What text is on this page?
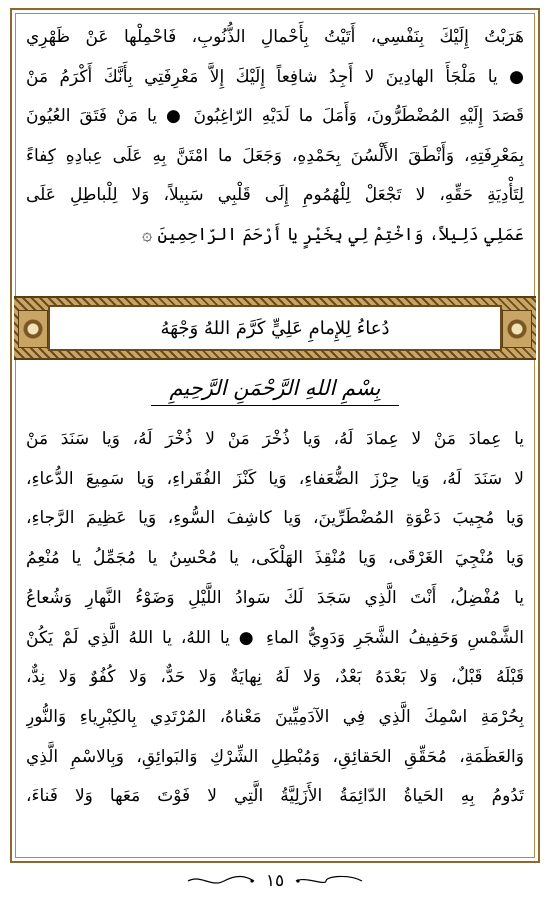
هَرَبْتُ إِلَيْكَ بِنَفْسِي، أَتَيْتُ بِأَحْمالِ الذُّنُوبِ، فَاحْمِلْها عَنْ ظَهْرِي
● يا مَلْجَأَ الهادِينَ لا أَجِدُ شافِعاً إِلَيْكَ إِلاَّ مَعْرِفَتِي بِأَنَّكَ أَكْرَمُ مَنْ
قَصَدَ إِلَيْهِ المُضْطَرُّونَ، وَأَمَلَ ما لَدَيْهِ الرّاغِبُونَ ● يا مَنْ فَتَقَ العُيُونَ
بِمَعْرِفَتِهِ، وَأَنْطَقَ الأَلْسُنَ بِحَمْدِهِ، وَجَعَلَ ما امْتَنَّ بِهِ عَلَى عِبادِهِ كِفاءً
لِتَأْدِيَةِ حَقِّهِ، لا تَجْعَلْ لِلْهُمُومِ إِلَى قَلْبِي سَبِيلاً، وَلا لِلْباطِلِ عَلَى
عَمَلِي دَلِيلاً، وَاخْتِمْ لِي بِخَيْرٍ يا أَرْحَمَ الرّاحِمِينَ ۞
دُعاءُ لِلإِمامِ عَلِيٍّ كَرَّمَ اللهُ وَجْهَهُ
بِسْمِ اللهِ الرَّحْمَنِ الرَّحِيمِ
يا عِمادَ مَنْ لا عِمادَ لَهُ، وَيا ذُخْرَ مَنْ لا ذُخْرَ لَهُ، وَيا سَنَدَ مَنْ
لا سَنَدَ لَهُ، وَيا حِرْزَ الضُّعَفاءِ، وَيا كَنْزَ الفُقَراءِ، وَيا سَمِيعَ الدُّعاءِ،
وَيا مُجِيبَ دَعْوَةِ المُضْطَرِّينَ، وَيا كاشِفَ السُّوءِ، وَيا عَظِيمَ الرَّجاءِ،
وَيا مُنْجِيَ الغَرْقَى، وَيا مُنْقِذَ الهَلْكَى، يا مُحْسِنُ يا مُجَمِّلُ يا مُنْعِمُ
يا مُفْضِلُ، أَنْتَ الَّذِي سَجَدَ لَكَ سَوادُ اللَّيْلِ وَضَوْءُ النَّهارِ وَشُعاعُ
الشَّمْسِ وَحَفِيفُ الشَّجَرِ وَدَوِيُّ الماءِ ● يا اللهُ، يا اللهُ الَّذِي لَمْ يَكُنْ
قَبْلَهُ قَبْلٌ، وَلا بَعْدَهُ بَعْدٌ، وَلا لَهُ نِهايَةٌ وَلا حَدٌّ، وَلا كُفُوٌ وَلا نِدٌّ،
بِحُرْمَةِ اسْمِكَ الَّذِي فِي الآدَمِيِّينَ مَعْناهُ، المُرْتَدِي بِالكِبْرِياءِ وَالنُّورِ
وَالعَظَمَةِ، مُحَقِّقِ الحَقائِقِ، وَمُبْطِلِ الشِّرْكِ وَالبَوائِقِ، وَبِالاسْمِ الَّذِي
تَدُومُ بِهِ الحَياةُ الدّائِمَةُ الأَزَلِيَّةُ الَّتِي لا فَوْتَ مَعَها وَلا فَناءَ،
١٥
